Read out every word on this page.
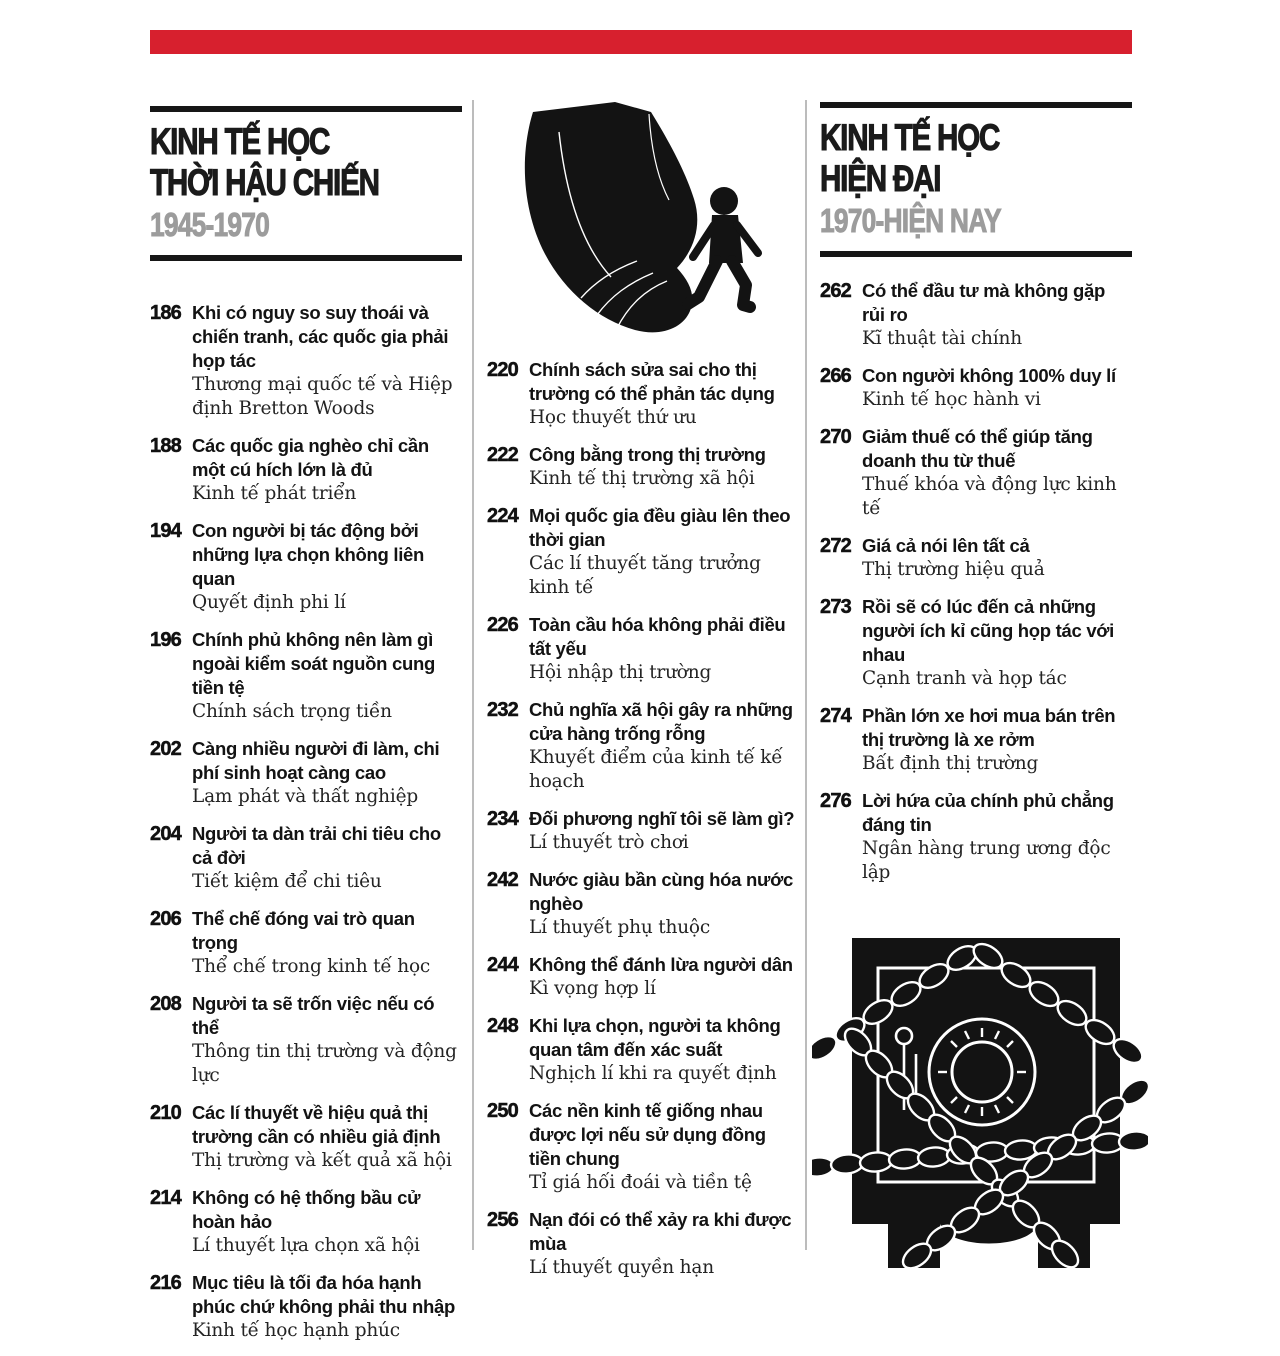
KINH TẾ HỌC
THỜI HẬU CHIẾN
1945-1970
186 Khi có nguy so suy thoái và chiến tranh, các quốc gia phải họp tác
Thương mại quốc tế và Hiệp định Bretton Woods
188 Các quốc gia nghèo chỉ cần một cú hích lớn là đủ
Kinh tế phát triển
194 Con người bị tác động bởi những lựa chọn không liên quan
Quyết định phi lí
196 Chính phủ không nên làm gì ngoài kiểm soát nguồn cung tiền tệ
Chính sách trọng tiền
202 Càng nhiều người đi làm, chi phí sinh hoạt càng cao
Lạm phát và thất nghiệp
204 Người ta dàn trải chi tiêu cho cả đời
Tiết kiệm để chi tiêu
206 Thể chế đóng vai trò quan trọng
Thể chế trong kinh tế học
208 Người ta sẽ trốn việc nếu có thể
Thông tin thị trường và động lực
210 Các lí thuyết về hiệu quả thị trường cần có nhiều giả định
Thị trường và kết quả xã hội
214 Không có hệ thống bầu cử hoàn hảo
Lí thuyết lựa chọn xã hội
216 Mục tiêu là tối đa hóa hạnh phúc chứ không phải thu nhập
Kinh tế học hạnh phúc
220 Chính sách sửa sai cho thị trường có thể phản tác dụng
Học thuyết thứ ưu
222 Công bằng trong thị trường
Kinh tế thị trường xã hội
224 Mọi quốc gia đều giàu lên theo thời gian
Các lí thuyết tăng trưởng kinh tế
226 Toàn cầu hóa không phải điều tất yếu
Hội nhập thị trường
232 Chủ nghĩa xã hội gây ra những cửa hàng trống rỗng
Khuyết điểm của kinh tế kế hoạch
234 Đối phương nghĩ tôi sẽ làm gì?
Lí thuyết trò chơi
242 Nước giàu bần cùng hóa nước nghèo
Lí thuyết phụ thuộc
244 Không thể đánh lừa người dân
Kì vọng hợp lí
248 Khi lựa chọn, người ta không quan tâm đến xác suất
Nghịch lí khi ra quyết định
250 Các nền kinh tế giống nhau được lợi nếu sử dụng đồng tiền chung
Tỉ giá hối đoái và tiền tệ
256 Nạn đói có thể xảy ra khi được mùa
Lí thuyết quyền hạn
KINH TẾ HỌC
HIỆN ĐẠI
1970-HIỆN NAY
262 Có thể đầu tư mà không gặp rủi ro
Kĩ thuật tài chính
266 Con người không 100% duy lí
Kinh tế học hành vi
270 Giảm thuế có thể giúp tăng doanh thu từ thuế
Thuế khóa và động lực kinh tế
272 Giá cả nói lên tất cả
Thị trường hiệu quả
273 Rồi sẽ có lúc đến cả những người ích kỉ cũng họp tác với nhau
Cạnh tranh và họp tác
274 Phần lớn xe hơi mua bán trên thị trường là xe rởm
Bất định thị trường
276 Lời hứa của chính phủ chẳng đáng tin
Ngân hàng trung ương độc lập
